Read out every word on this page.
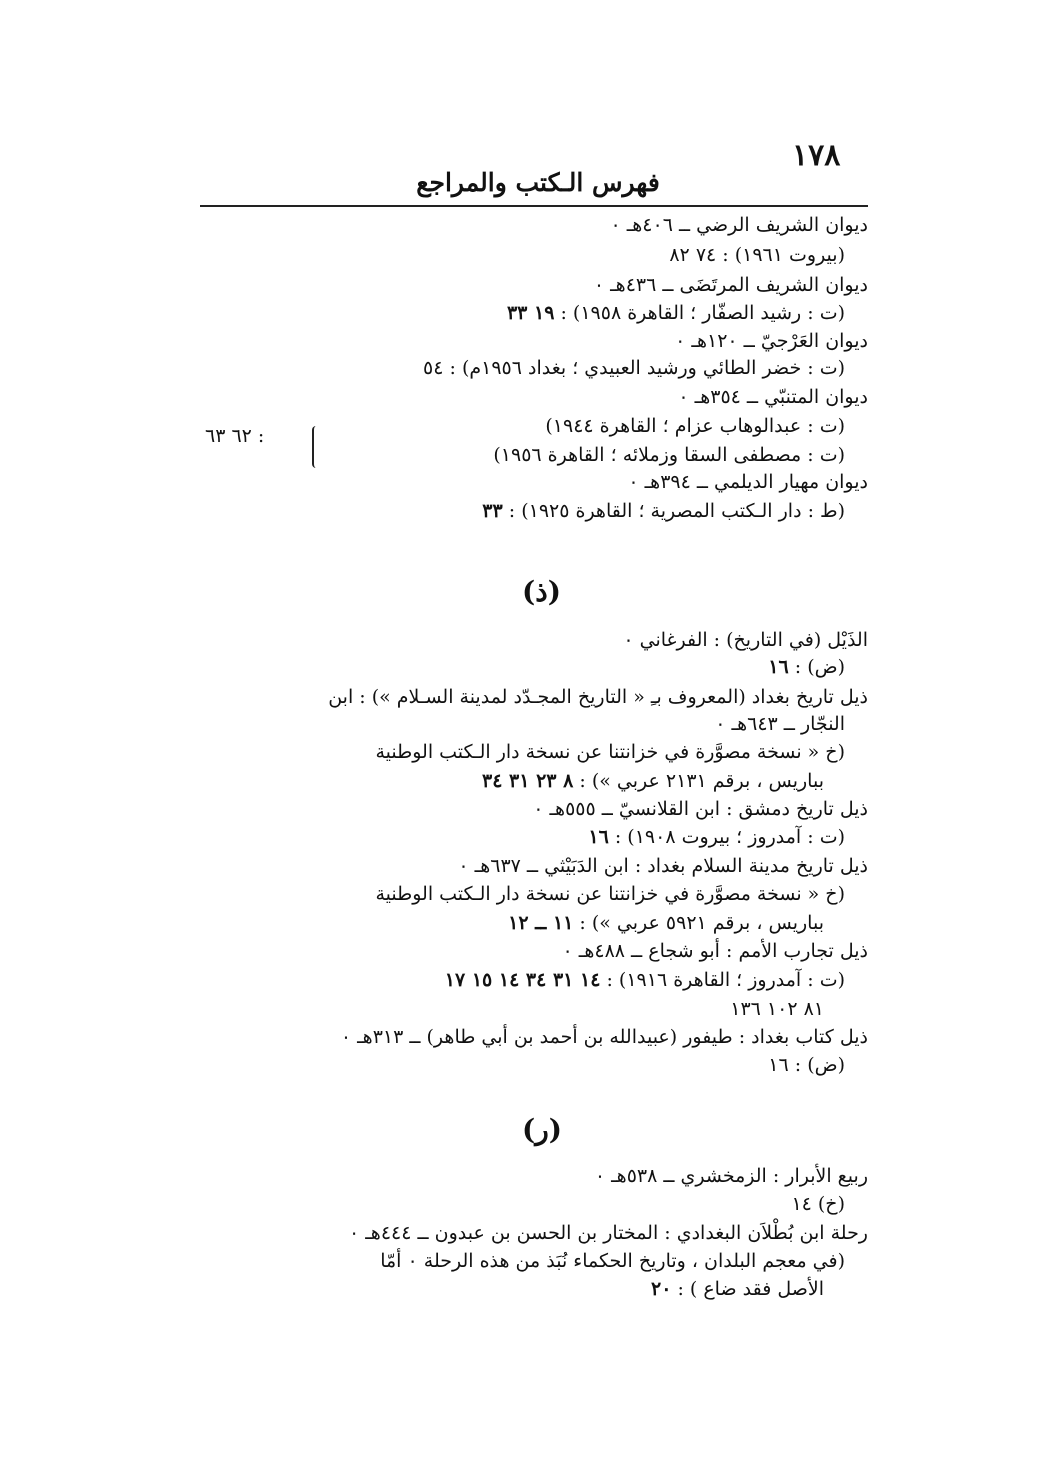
١٧٨
فهرس الـكتب والمراجع
ديوان الشريف الرضي ــ ٤٠٦هـ ٠
(بيروت ١٩٦١) : ٧٤ ٨٢
ديوان الشريف المرتَضَى ــ ٤٣٦هـ ٠
(ت : رشيد الصفّار ؛ القاهرة ١٩٥٨) : ١٩ ٣٣
ديوان العَرْجيّ ــ ١٢٠هـ ٠
(ت : خضر الطائي ورشيد العبيدي ؛ بغداد ١٩٥٦م) : ٥٤
ديوان المتنبّي ــ ٣٥٤هـ ٠
(ت : عبدالوهاب عزام ؛ القاهرة ١٩٤٤)
(ت : مصطفى السقا وزملائه ؛ القاهرة ١٩٥٦)
: ٦٢ ٦٣
ديوان مهيار الديلمي ــ ٣٩٤هـ ٠
(ط : دار الـكتب المصرية ؛ القاهرة ١٩٢٥) : ٣٣
(ذ)
الذَيْل (في التاريخ) : الفرغاني ٠
(ض) : ١٦
ذيل تاريخ بغداد (المعروف بـِ « التاريخ المجـدّد لمدينة السـلام ») : ابن
النجّار ــ ٦٤٣هـ ٠
(خ « نسخة مصوَّرة في خزانتنا عن نسخة دار الـكتب الوطنية
بباريس ، برقم ٢١٣١ عربي ») : ٨ ٢٣ ٣١ ٣٤
ذيل تاريخ دمشق : ابن القلانسيّ ــ ٥٥٥هـ ٠
(ت : آمدروز ؛ بيروت ١٩٠٨) : ١٦
ذيل تاريخ مدينة السلام بغداد : ابن الدَبَيْثي ــ ٦٣٧هـ ٠
(خ « نسخة مصوَّرة في خزانتنا عن نسخة دار الـكتب الوطنية
بباريس ، برقم ٥٩٢١ عربي ») : ١١ ــ ١٢
ذيل تجارب الأمم : أبو شجاع ــ ٤٨٨هـ ٠
(ت : آمدروز ؛ القاهرة ١٩١٦) : ١٤ ٣١ ٣٤ ١٤ ١٥ ١٧
٨١ ١٠٢ ١٣٦
ذيل كتاب بغداد : طيفور (عبيدالله بن أحمد بن أبي طاهر) ــ ٣١٣هـ ٠
(ض) : ١٦
(ر)
ربيع الأبرار : الزمخشري ــ ٥٣٨هـ ٠
(خ) ١٤
رحلة ابن بُطْلاَن البغدادي : المختار بن الحسن بن عبدون ــ ٤٤٤هـ ٠
(في معجم البلدان ، وتاريخ الحكماء نُبَذ من هذه الرحلة ٠ أمّا
الأصل فقد ضاع ) : ٢٠
